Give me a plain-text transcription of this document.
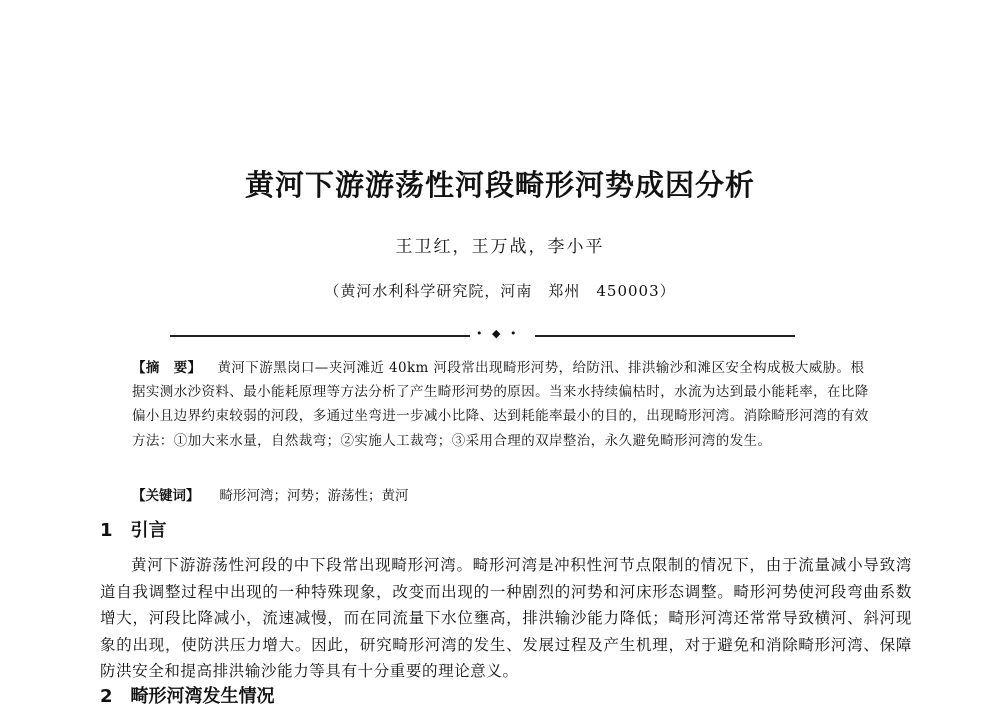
黄河下游游荡性河段畸形河势成因分析
王卫红，王万战，李小平
（黄河水利科学研究院，河南　郑州　450003）
• ◆ •
【摘　要】 黄河下游黑岗口—夹河滩近 40km 河段常出现畸形河势，给防汛、排洪输沙和滩区安全构成极大威胁。根据实测水沙资料、最小能耗原理等方法分析了产生畸形河势的原因。当来水持续偏枯时，水流为达到最小能耗率，在比降偏小且边界约束较弱的河段，多通过坐弯进一步减小比降、达到耗能率最小的目的，出现畸形河湾。消除畸形河湾的有效方法：①加大来水量，自然裁弯；②实施人工裁弯；③采用合理的双岸整治，永久避免畸形河湾的发生。
【关键词】 畸形河湾；河势；游荡性；黄河
1 引言
黄河下游游荡性河段的中下段常出现畸形河湾。畸形河湾是冲积性河节点限制的情况下，由于流量减小导致湾道自我调整过程中出现的一种特殊现象，改变而出现的一种剧烈的河势和河床形态调整。畸形河势使河段弯曲系数增大，河段比降减小，流速减慢，而在同流量下水位壅高，排洪输沙能力降低；畸形河湾还常常导致横河、斜河现象的出现，使防洪压力增大。因此，研究畸形河湾的发生、发展过程及产生机理，对于避免和消除畸形河湾、保障防洪安全和提高排洪输沙能力等具有十分重要的理论意义。
2 畸形河湾发生情况
